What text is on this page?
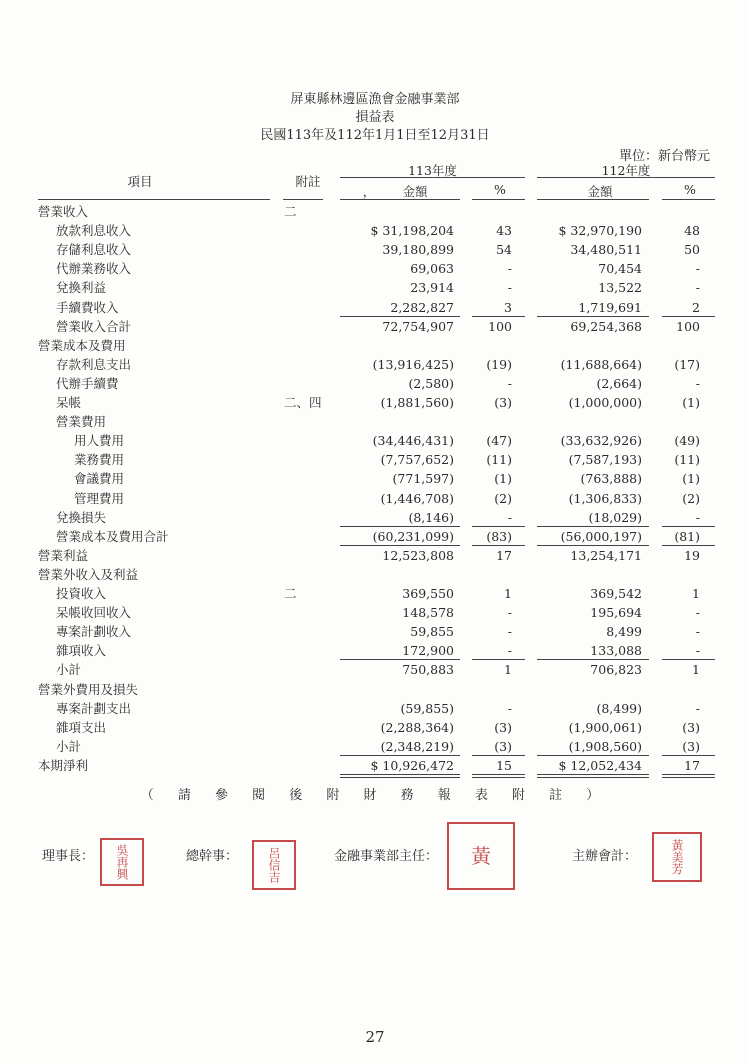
屏東縣林邊區漁會金融事業部
損益表
民國113年及112年1月1日至12月31日
單位：新台幣元
項目	附註
113年度	112年度
，	金額	%	金額	%
營業收入	二
放款利息收入	$ 31,198,204	43	$ 32,970,190	48
存儲利息收入	39,180,899	54	34,480,511	50
代辦業務收入	69,063	-	70,454	-
兌換利益	23,914	-	13,522	-
手續費收入	2,282,827	3	1,719,691	2
營業收入合計	72,754,907	100	69,254,368	100
營業成本及費用
存款利息支出	(13,916,425)	(19)	(11,688,664)	(17)
代辦手續費	(2,580)	-	(2,664)	-
呆帳	二、四	(1,881,560)	(3)	(1,000,000)	(1)
營業費用
用人費用	(34,446,431)	(47)	(33,632,926)	(49)
業務費用	(7,757,652)	(11)	(7,587,193)	(11)
會議費用	(771,597)	(1)	(763,888)	(1)
管理費用	(1,446,708)	(2)	(1,306,833)	(2)
兌換損失	(8,146)	-	(18,029)	-
營業成本及費用合計	(60,231,099)	(83)	(56,000,197)	(81)
營業利益	12,523,808	17	13,254,171	19
營業外收入及利益
投資收入	二	369,550	1	369,542	1
呆帳收回收入	148,578	-	195,694	-
專案計劃收入	59,855	-	8,499	-
雜項收入	172,900	-	133,088	-
小計	750,883	1	706,823	1
營業外費用及損失
專案計劃支出	(59,855)	-	(8,499)	-
雜項支出	(2,288,364)	(3)	(1,900,061)	(3)
小計	(2,348,219)	(3)	(1,908,560)	(3)
本期淨利	$ 10,926,472	15	$ 12,052,434	17
（ 請 參 閱 後 附 財 務 報 表 附 註 ）
理事長： 吳再興	總幹事： 呂信吉	金融事業部主任： 黃	主辦會計：	黃美芳
27
